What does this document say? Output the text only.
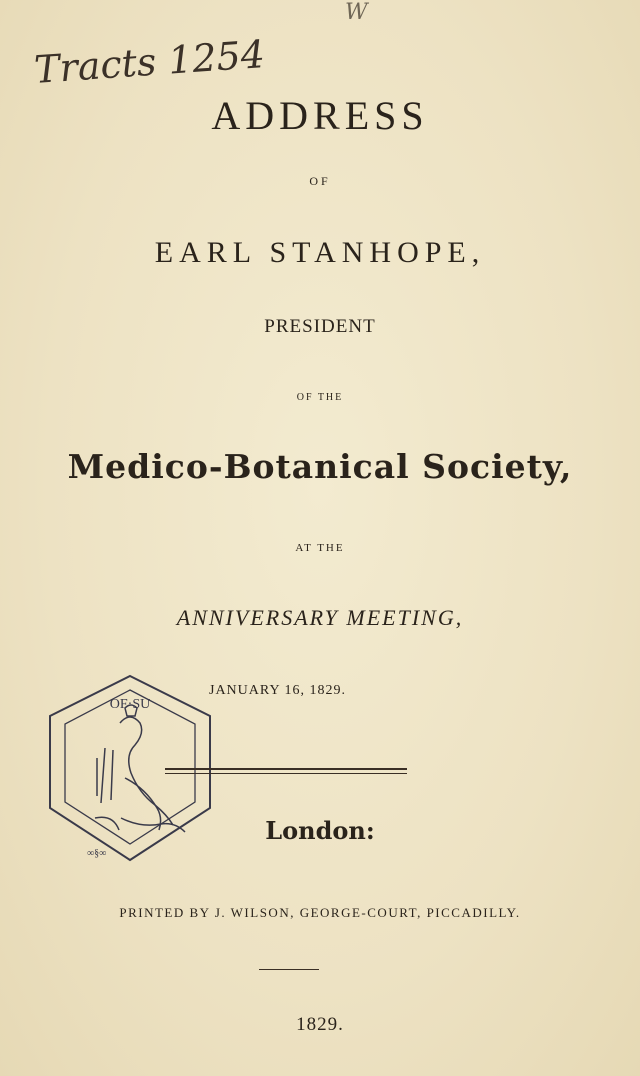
W
Tracts 1254
ADDRESS
OF
EARL STANHOPE,
PRESIDENT
OF THE
Medico-Botanical Society,
AT THE
ANNIVERSARY MEETING,
OF·SU
∞§∞
JANUARY 16, 1829.
London:
PRINTED BY J. WILSON, GEORGE-COURT, PICCADILLY.
1829.
